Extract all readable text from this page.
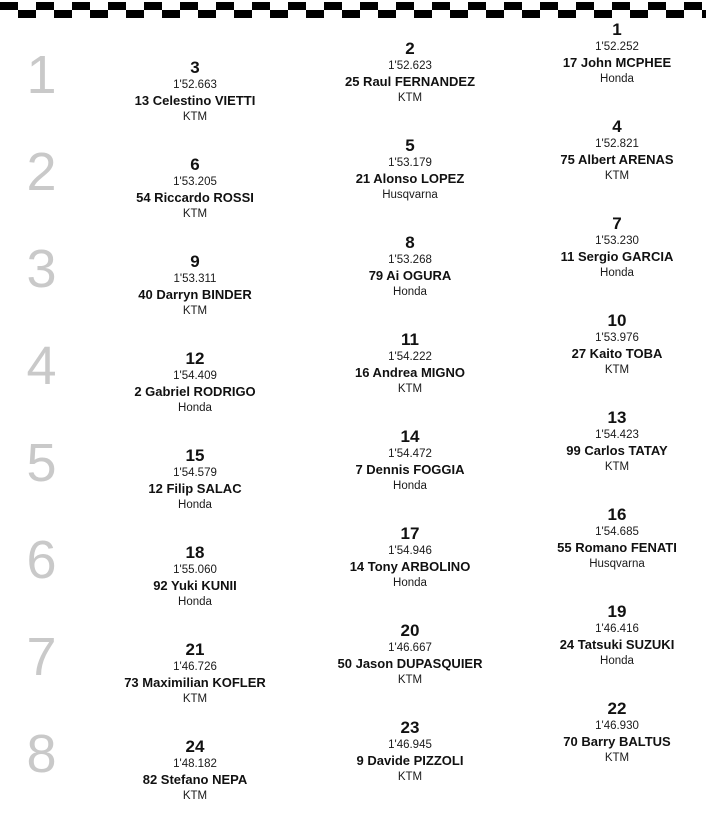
1	3
1'52.663
13 Celestino VIETTI
KTM
2
1'52.623
25 Raul FERNANDEZ
KTM
1
1'52.252
17 John MCPHEE
Honda
2	6
1'53.205
54 Riccardo ROSSI
KTM
5
1'53.179
21 Alonso LOPEZ
Husqvarna
4
1'52.821
75 Albert ARENAS
KTM
3	9
1'53.311
40 Darryn BINDER
KTM
8
1'53.268
79 Ai OGURA
Honda
7
1'53.230
11 Sergio GARCIA
Honda
4	12
1'54.409
2 Gabriel RODRIGO
Honda
11
1'54.222
16 Andrea MIGNO
KTM
10
1'53.976
27 Kaito TOBA
KTM
5	15
1'54.579
12 Filip SALAC
Honda
14
1'54.472
7 Dennis FOGGIA
Honda
13
1'54.423
99 Carlos TATAY
KTM
6	18
1'55.060
92 Yuki KUNII
Honda
17
1'54.946
14 Tony ARBOLINO
Honda
16
1'54.685
55 Romano FENATI
Husqvarna
7	21
1'46.726
73 Maximilian KOFLER
KTM
20
1'46.667
50 Jason DUPASQUIER
KTM
19
1'46.416
24 Tatsuki SUZUKI
Honda
8	24
1'48.182
82 Stefano NEPA
KTM
23
1'46.945
9 Davide PIZZOLI
KTM
22
1'46.930
70 Barry BALTUS
KTM
